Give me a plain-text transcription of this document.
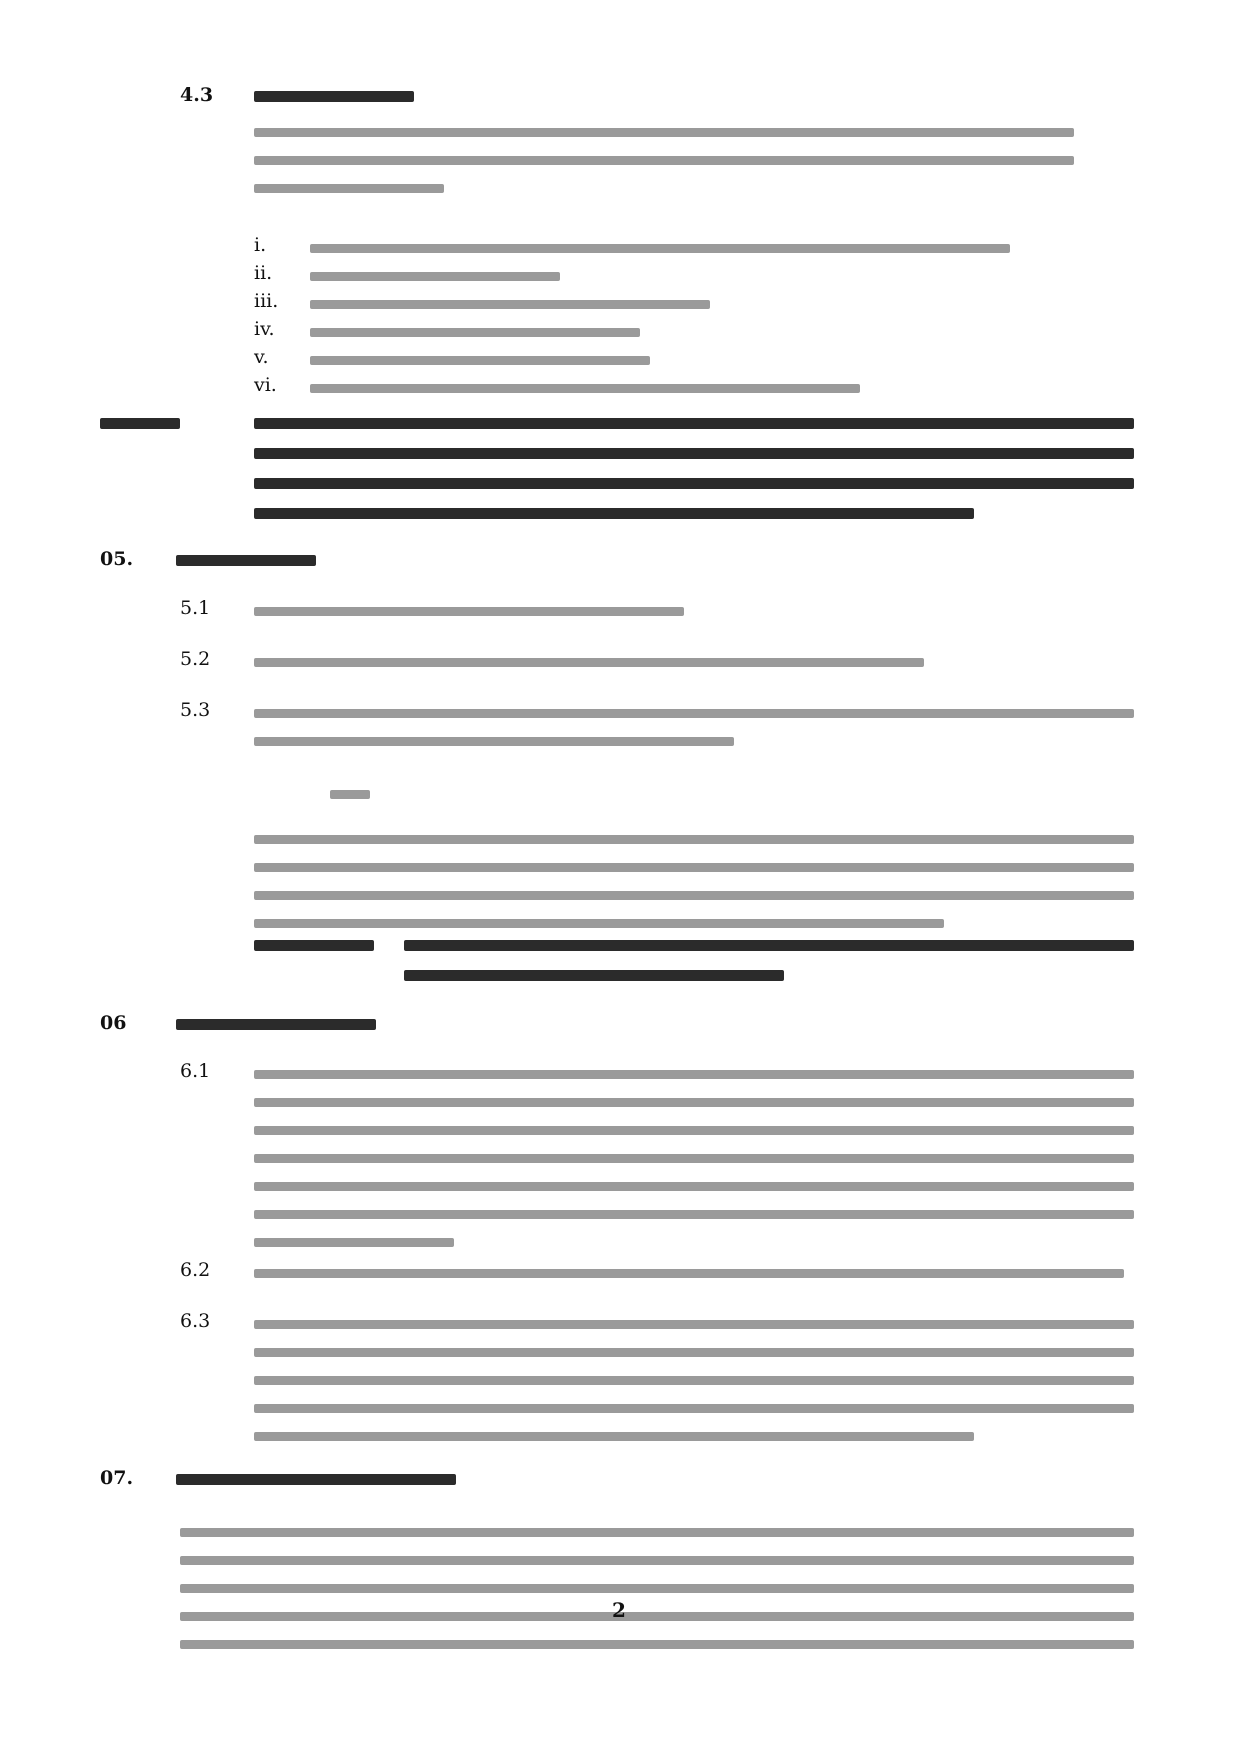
4.3
i.
ii.
iii.
iv.
v.
vi.
05.
5.1
5.2
5.3
06
6.1
6.2
6.3
07.
2
